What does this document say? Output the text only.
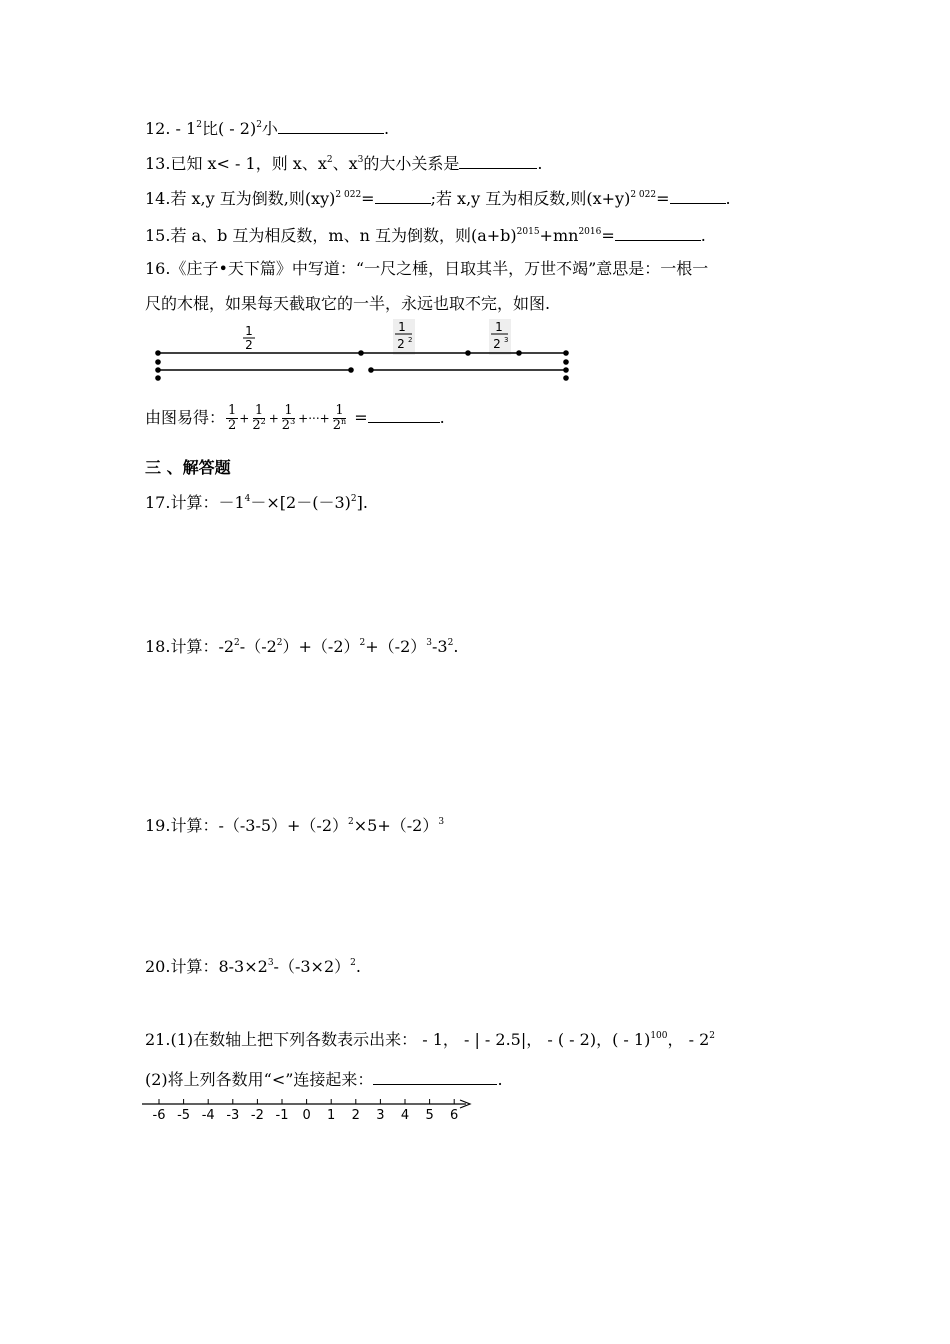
12. - $1^2$比( - 2)$^2$小	.
13.已知 x< - 1，则 x、$x^2$、$x^3$的大小关系是	.
14.若 x,y 互为倒数,则(xy)$^{2 022}$=	;若 x,y 互为相反数,则$(x+y)^{2 022}=$	.
15.若 a、b 互为相反数，m、n 互为倒数，则$(a+b)^{2015}+mn^{2016}=$	.
16.《庄子•天下篇》中写道：“一尺之棰，日取其半，万世不竭”意思是：一根一
尺的木棍，如果每天截取它的一半，永远也取不完，如图.
1
2
1
2 2
1
2 3
由图易得： $\frac{1}{2} + \frac{1}{2^2} + \frac{1}{2^3}$ +···+ $\frac{1}{2^n}$ =	.
三 、解答题
17.计算：$-1^4-\times[2-(-3)^2]$.
18.计算：$-2^2-(-2^2)+(-2)^2+(-2)^3-3^2$.
19.计算：$-(-3-5)+(-2)^2\times 5+(-2)^3$
20.计算：$8-3\times 2^3-(-3\times 2)^2$.
21.(1)在数轴上把下列各数表示出来： - 1， - | - 2.5|， - ( - 2)，( - 1)$^{100}$， - $2^2$
(2)将上列各数用“<”连接起来：	.
-6 -5 -4 -3 -2 -1 0 1 2 3 4 5 6
